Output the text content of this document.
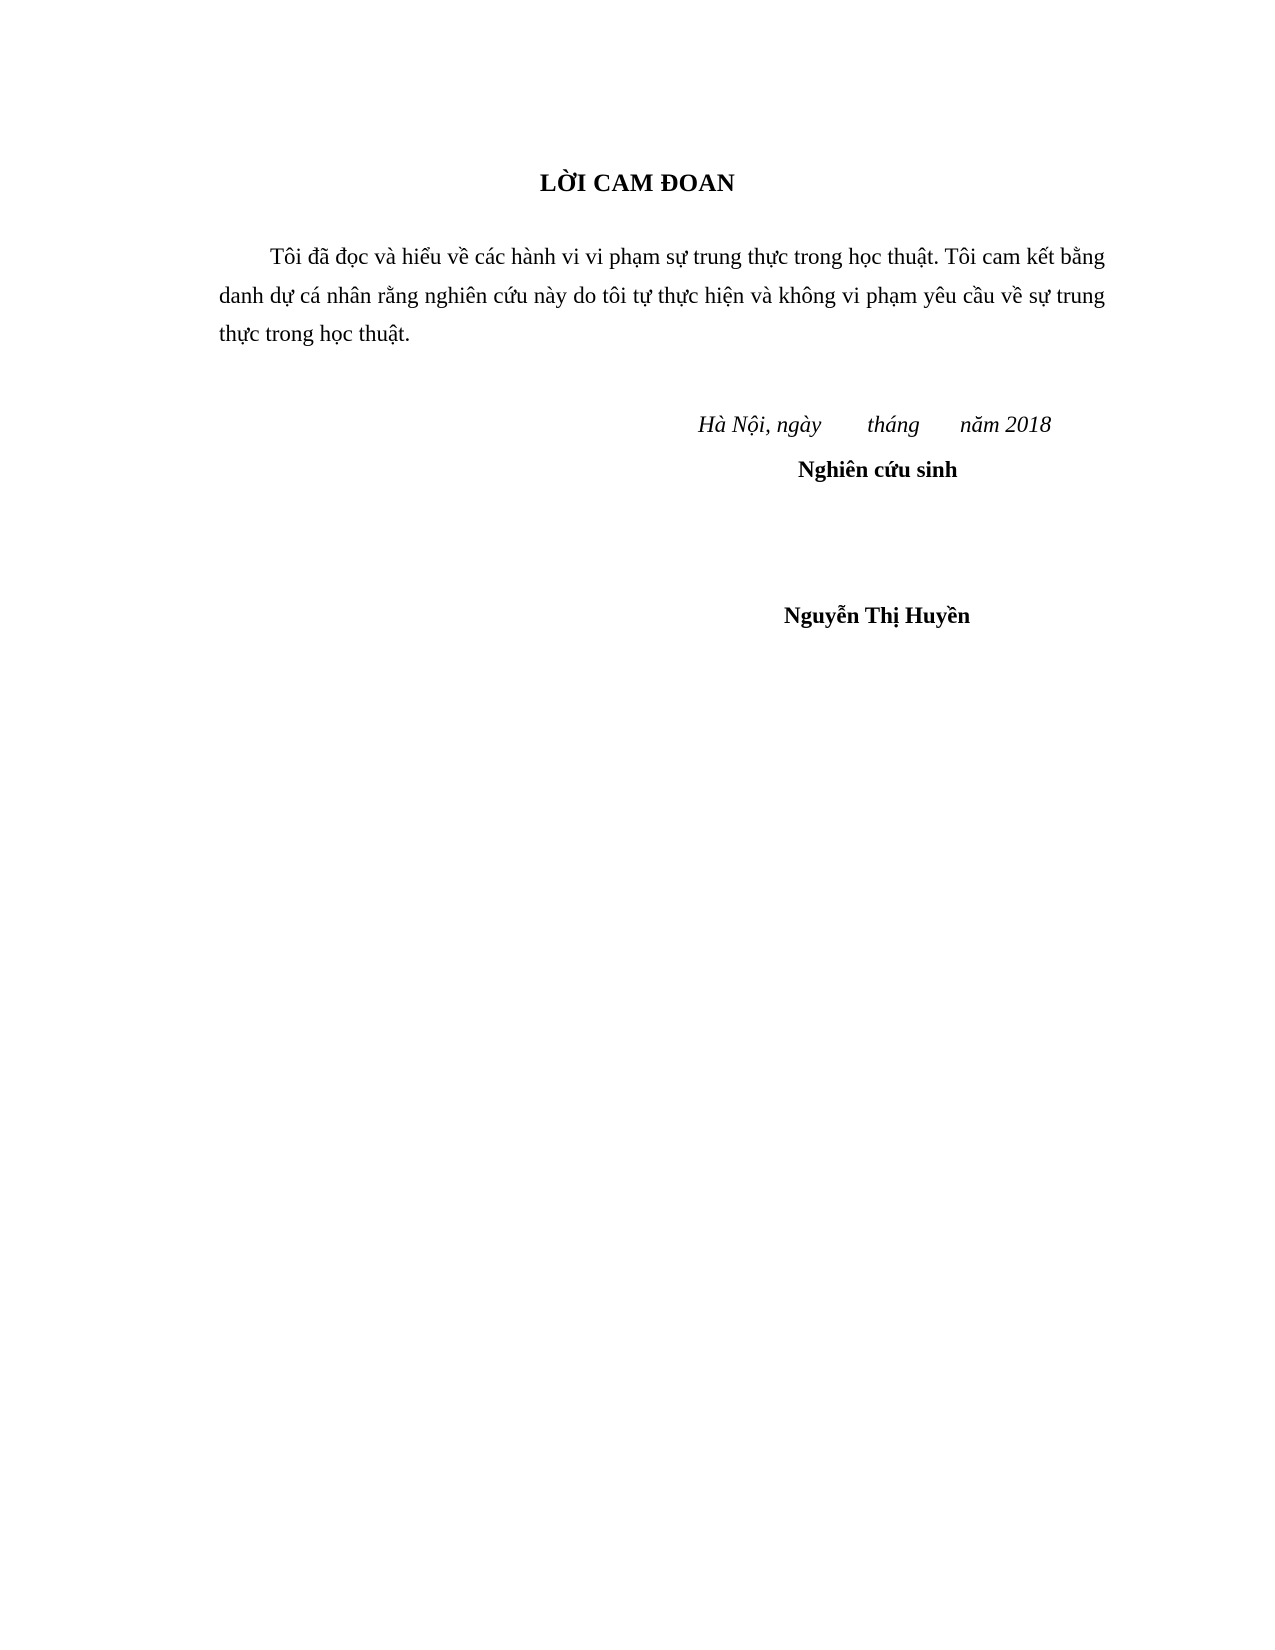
LỜI CAM ĐOAN

Tôi đã đọc và hiểu về các hành vi vi phạm sự trung thực trong học thuật. Tôi cam kết bằng danh dự cá nhân rằng nghiên cứu này do tôi tự thực hiện và không vi phạm yêu cầu về sự trung thực trong học thuật.

Hà Nội, ngày        tháng       năm 2018
Nghiên cứu sinh
Nguyễn Thị Huyền
